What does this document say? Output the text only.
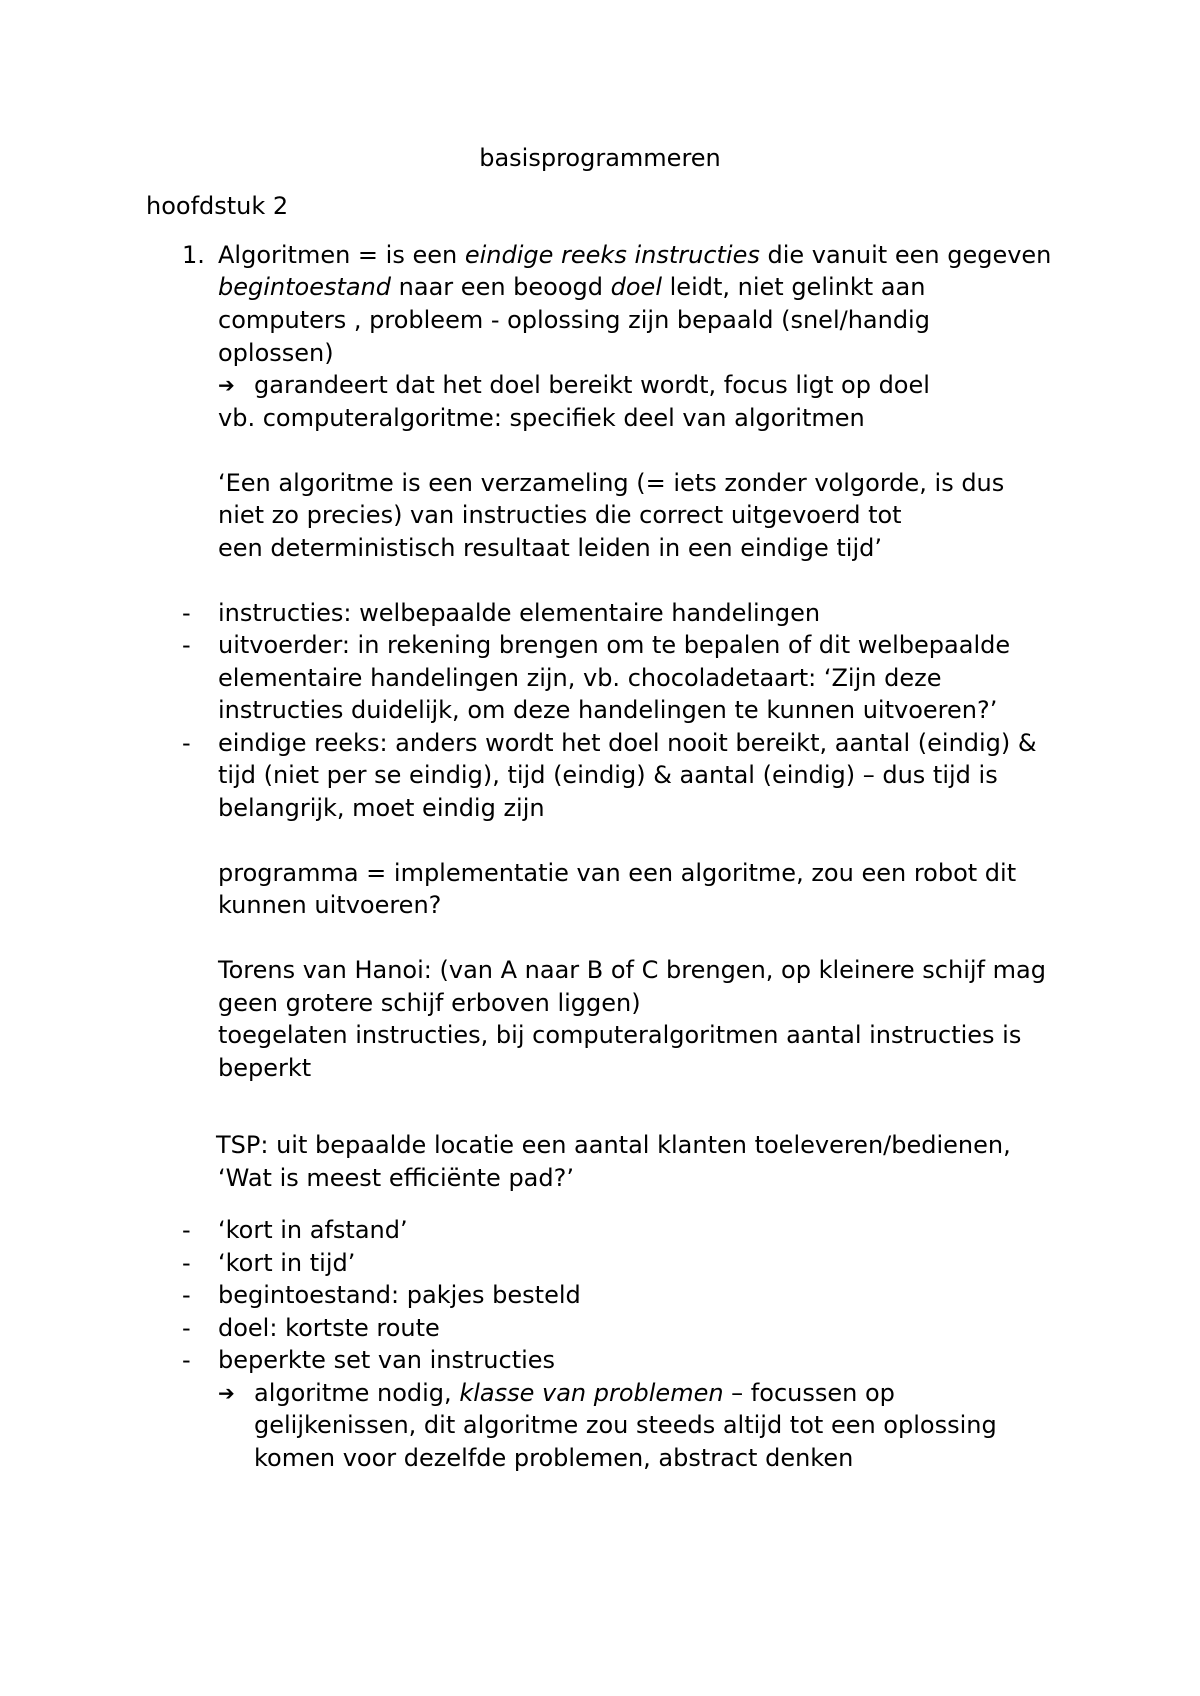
basisprogrammeren
hoofdstuk 2
1. Algoritmen = is een eindige reeks instructies die vanuit een gegeven

begintoestand naar een beoogd doel leidt, niet gelinkt aan

computers , probleem - oplossing zijn bepaald (snel/handig

oplossen)

➔ garandeert dat het doel bereikt wordt, focus ligt op doel

vb. computeralgoritme: specifiek deel van algoritmen

‘Een algoritme is een verzameling (= iets zonder volgorde, is dus

niet zo precies) van instructies die correct uitgevoerd tot

een deterministisch resultaat leiden in een eindige tijd’

- instructies: welbepaalde elementaire handelingen

- uitvoerder: in rekening brengen om te bepalen of dit welbepaalde

elementaire handelingen zijn, vb. chocoladetaart: ‘Zijn deze

instructies duidelijk, om deze handelingen te kunnen uitvoeren?’

- eindige reeks: anders wordt het doel nooit bereikt, aantal (eindig) &

tijd (niet per se eindig), tijd (eindig) & aantal (eindig) – dus tijd is

belangrijk, moet eindig zijn

programma = implementatie van een algoritme, zou een robot dit

kunnen uitvoeren?

Torens van Hanoi: (van A naar B of C brengen, op kleinere schijf mag

geen grotere schijf erboven liggen)

toegelaten instructies, bij computeralgoritmen aantal instructies is

beperkt

TSP: uit bepaalde locatie een aantal klanten toeleveren/bedienen,

‘Wat is meest efficiënte pad?’

- ‘kort in afstand’

- ‘kort in tijd’

- begintoestand: pakjes besteld

- doel: kortste route

- beperkte set van instructies

➔ algoritme nodig, klasse van problemen – focussen op

gelijkenissen, dit algoritme zou steeds altijd tot een oplossing

komen voor dezelfde problemen, abstract denken
